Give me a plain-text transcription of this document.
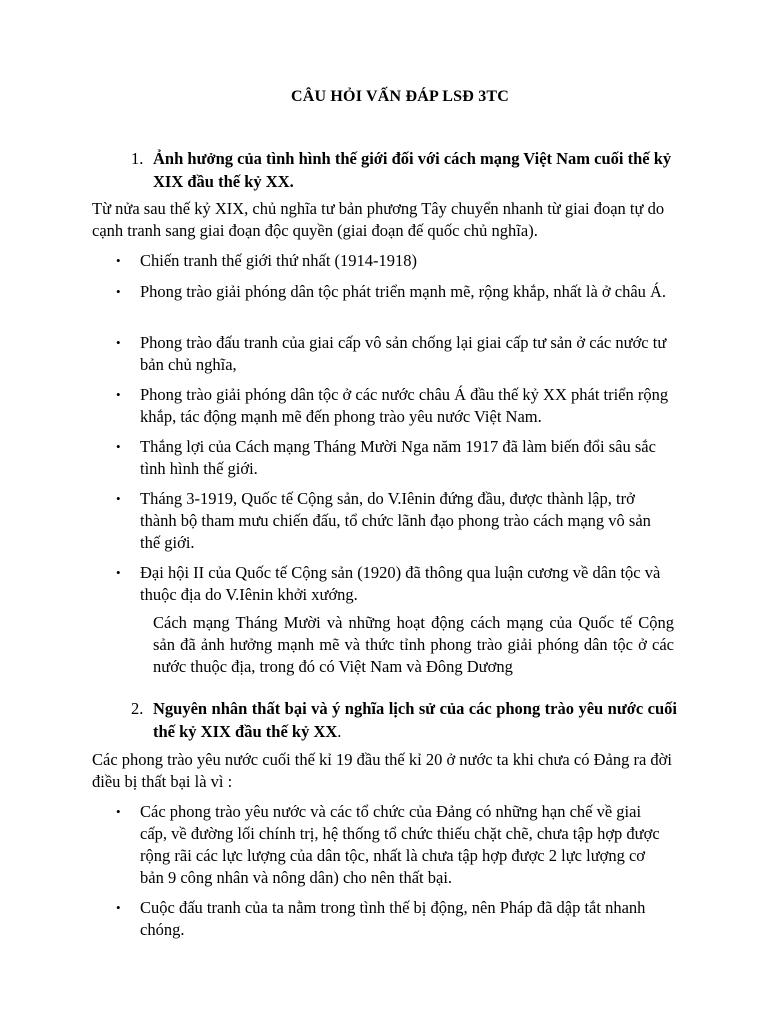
CÂU HỎI VẤN ĐÁP LSĐ 3TC
1. Ảnh hưởng của tình hình thế giới đối với cách mạng Việt Nam cuối thế kỷ XIX đầu thế kỷ XX.
Từ nửa sau thế kỷ XIX, chủ nghĩa tư bản phương Tây chuyển nhanh từ giai đoạn tự do cạnh tranh sang giai đoạn độc quyền (giai đoạn đế quốc chủ nghĩa).
• Chiến tranh thế giới thứ nhất (1914-1918)
• Phong trào giải phóng dân tộc phát triển mạnh mẽ, rộng khắp, nhất là ở châu Á.
• Phong trào đấu tranh của giai cấp vô sản chống lại giai cấp tư sản ở các nước tư bản chủ nghĩa,
• Phong trào giải phóng dân tộc ở các nước châu Á đầu thế kỷ XX phát triển rộng khắp, tác động mạnh mẽ đến phong trào yêu nước Việt Nam.
• Thắng lợi của Cách mạng Tháng Mười Nga năm 1917 đã làm biến đổi sâu sắc tình hình thế giới.
• Tháng 3-1919, Quốc tế Cộng sản, do V.Iênin đứng đầu, được thành lập, trở thành bộ tham mưu chiến đấu, tổ chức lãnh đạo phong trào cách mạng vô sản thế giới.
• Đại hội II của Quốc tế Cộng sản (1920) đã thông qua luận cương về dân tộc và thuộc địa do V.Iênin khởi xướng.
Cách mạng Tháng Mười và những hoạt động cách mạng của Quốc tế Cộng sản đã ảnh hưởng mạnh mẽ và thức tỉnh phong trào giải phóng dân tộc ở các nước thuộc địa, trong đó có Việt Nam và Đông Dương
2. Nguyên nhân thất bại và ý nghĩa lịch sử của các phong trào yêu nước cuối thế kỷ XIX đầu thế kỷ XX.
Các phong trào yêu nước cuối thế kỉ 19 đầu thế kỉ 20 ở nước ta khi chưa có Đảng ra đời điều bị thất bại là vì :
• Các phong trào yêu nước và các tổ chức của Đảng có những hạn chế về giai cấp, về đường lối chính trị, hệ thống tổ chức thiếu chặt chẽ, chưa tập hợp được rộng rãi các lực lượng của dân tộc, nhất là chưa tập hợp được 2 lực lượng cơ bản 9 công nhân và nông dân) cho nên thất bại.
• Cuộc đấu tranh của ta nằm trong tình thế bị động, nên Pháp đã dập tắt nhanh chóng.
